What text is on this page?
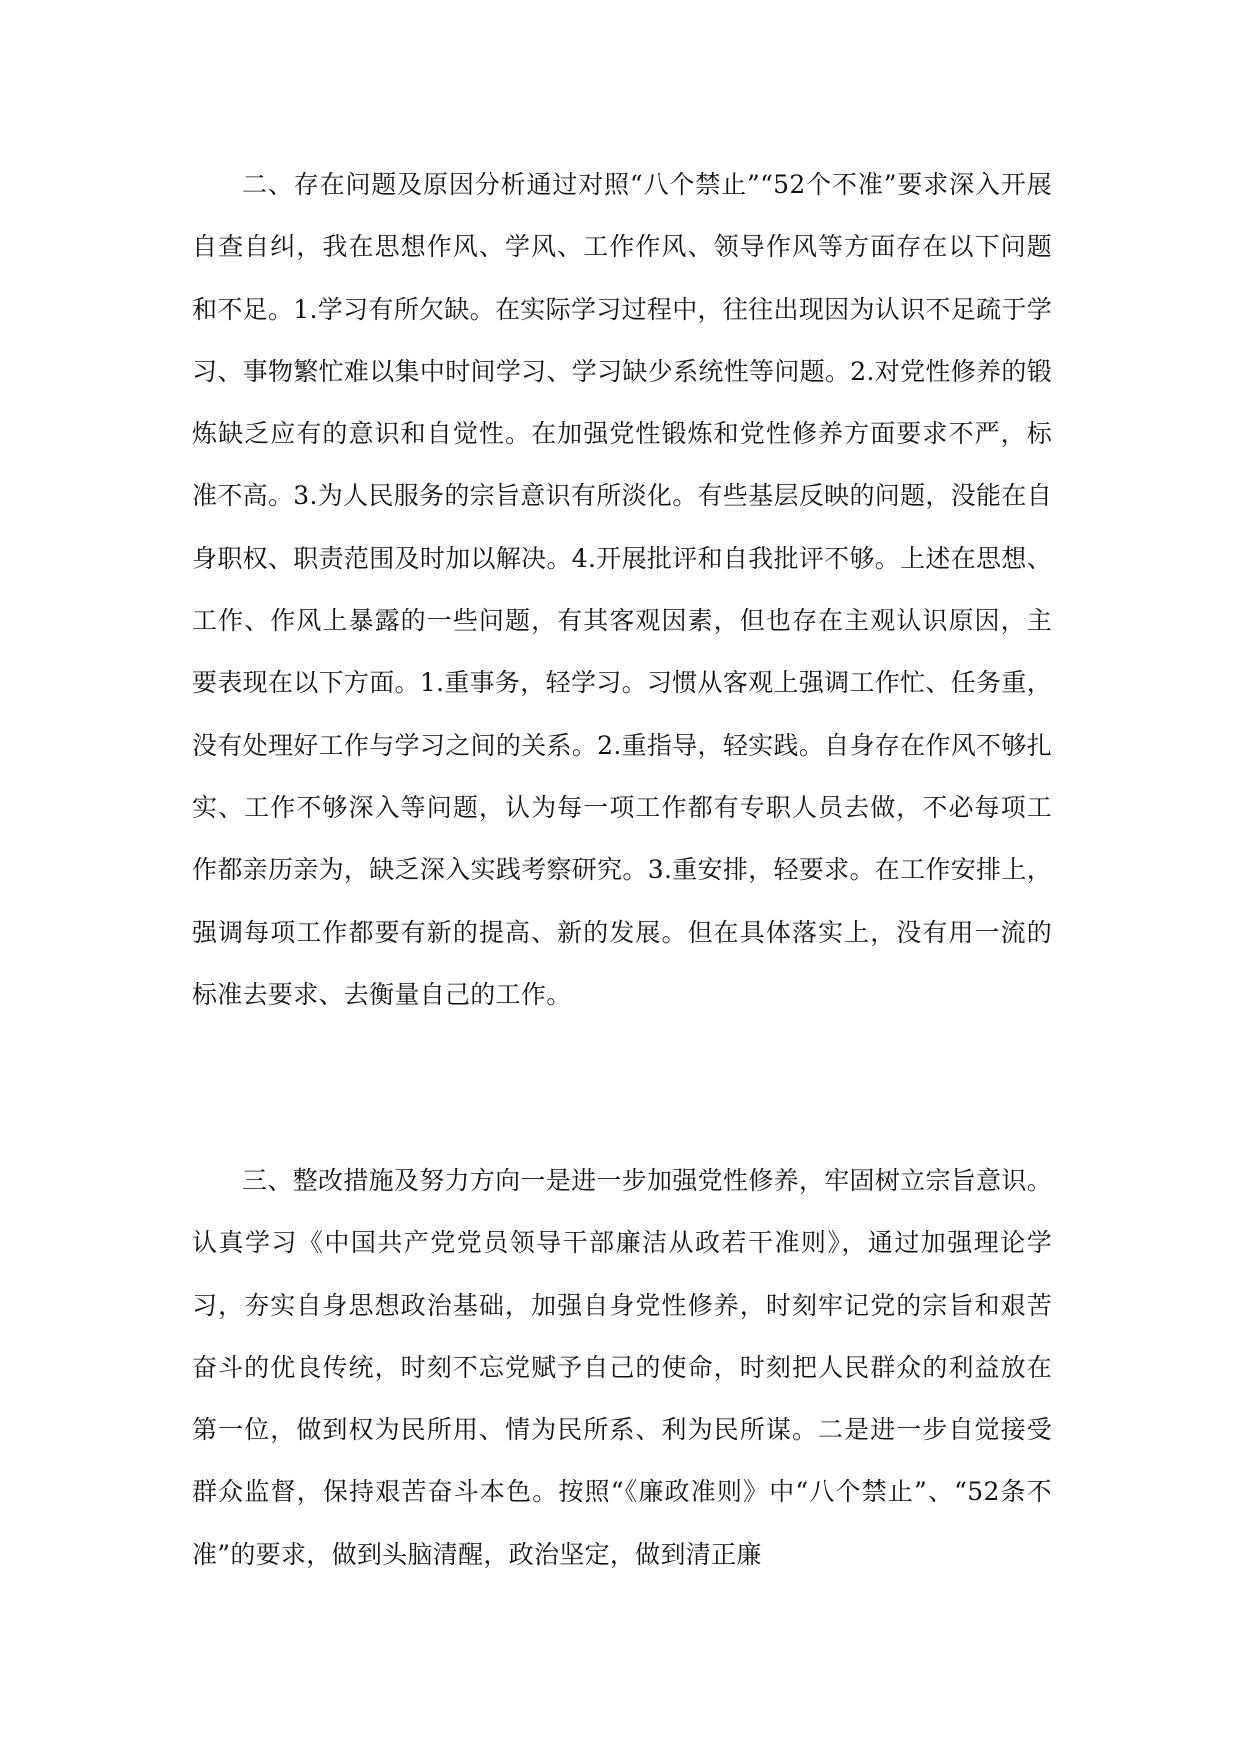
二、存在问题及原因分析通过对照“八个禁止”“52个不准”要求深入开展自查自纠，我在思想作风、学风、工作作风、领导作风等方面存在以下问题和不足。1.学习有所欠缺。在实际学习过程中，往往出现因为认识不足疏于学习、事物繁忙难以集中时间学习、学习缺少系统性等问题。2.对党性修养的锻炼缺乏应有的意识和自觉性。在加强党性锻炼和党性修养方面要求不严，标准不高。3.为人民服务的宗旨意识有所淡化。有些基层反映的问题，没能在自身职权、职责范围及时加以解决。4.开展批评和自我批评不够。上述在思想、工作、作风上暴露的一些问题，有其客观因素，但也存在主观认识原因，主要表现在以下方面。1.重事务，轻学习。习惯从客观上强调工作忙、任务重，没有处理好工作与学习之间的关系。2.重指导，轻实践。自身存在作风不够扎实、工作不够深入等问题，认为每一项工作都有专职人员去做，不必每项工作都亲历亲为，缺乏深入实践考察研究。3.重安排，轻要求。在工作安排上，强调每项工作都要有新的提高、新的发展。但在具体落实上，没有用一流的标准去要求、去衡量自己的工作。

三、整改措施及努力方向一是进一步加强党性修养，牢固树立宗旨意识。认真学习《中国共产党党员领导干部廉洁从政若干准则》，通过加强理论学习，夯实自身思想政治基础，加强自身党性修养，时刻牢记党的宗旨和艰苦奋斗的优良传统，时刻不忘党赋予自己的使命，时刻把人民群众的利益放在第一位，做到权为民所用、情为民所系、利为民所谋。二是进一步自觉接受群众监督，保持艰苦奋斗本色。按照“《廉政准则》中“八个禁止”、“52条不准”的要求，做到头脑清醒，政治坚定，做到清正廉
